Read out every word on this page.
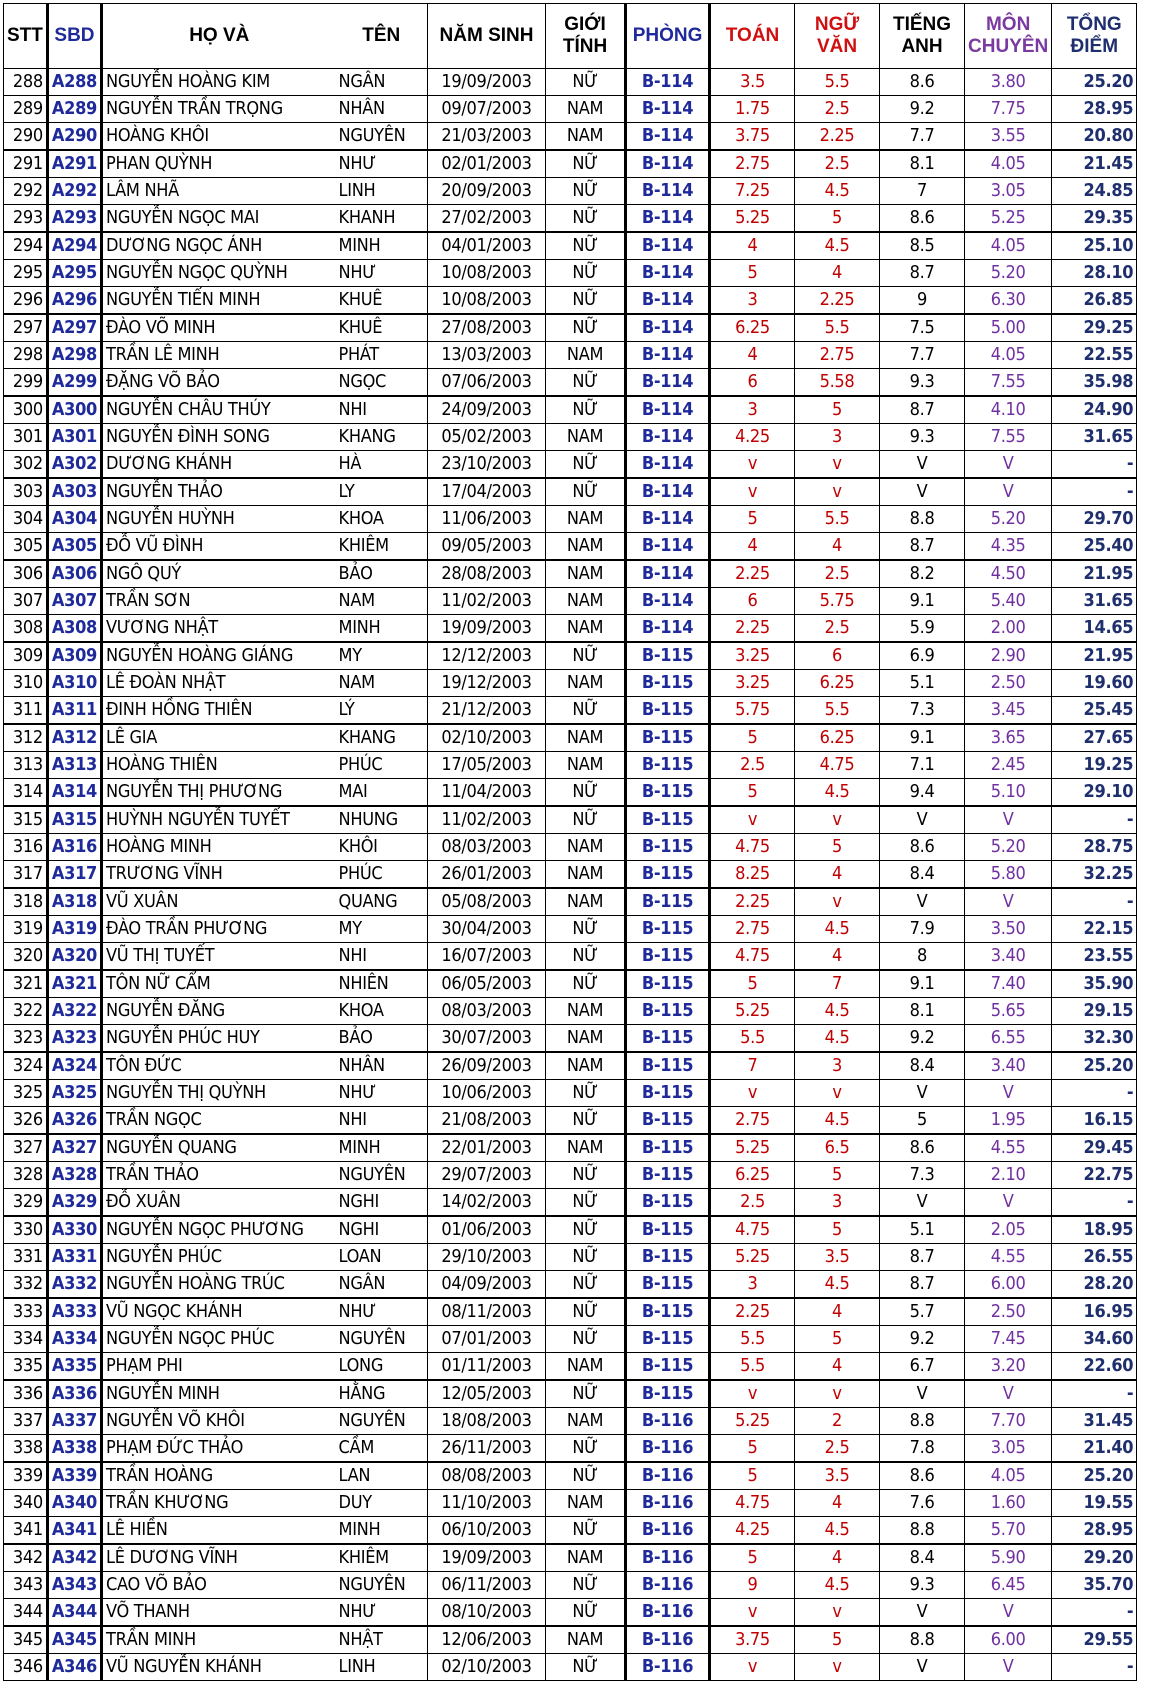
STT	SBD	HỌ VÀ	TÊN	NĂM SINH	GIỚI TÍNH	PHÒNG	TOÁN	NGỮ VĂN	TIẾNG ANH	MÔN CHUYÊN	TỔNG ĐIỂM
288	A288	NGUYỄN HOÀNG KIM	NGÂN	19/09/2003	NỮ	B-114	3.5	5.5	8.6	3.80	25.20
289	A289	NGUYỄN TRẦN TRỌNG	NHÂN	09/07/2003	NAM	B-114	1.75	2.5	9.2	7.75	28.95
290	A290	HOÀNG KHÔI	NGUYÊN	21/03/2003	NAM	B-114	3.75	2.25	7.7	3.55	20.80
291	A291	PHAN QUỲNH	NHƯ	02/01/2003	NỮ	B-114	2.75	2.5	8.1	4.05	21.45
292	A292	LÂM NHÃ	LINH	20/09/2003	NỮ	B-114	7.25	4.5	7	3.05	24.85
293	A293	NGUYỄN NGỌC MAI	KHANH	27/02/2003	NỮ	B-114	5.25	5	8.6	5.25	29.35
294	A294	DƯƠNG NGỌC ÁNH	MINH	04/01/2003	NỮ	B-114	4	4.5	8.5	4.05	25.10
295	A295	NGUYỄN NGỌC QUỲNH	NHƯ	10/08/2003	NỮ	B-114	5	4	8.7	5.20	28.10
296	A296	NGUYỄN TIẾN MINH	KHUÊ	10/08/2003	NỮ	B-114	3	2.25	9	6.30	26.85
297	A297	ĐÀO VÕ MINH	KHUÊ	27/08/2003	NỮ	B-114	6.25	5.5	7.5	5.00	29.25
298	A298	TRẦN LÊ MINH	PHÁT	13/03/2003	NAM	B-114	4	2.75	7.7	4.05	22.55
299	A299	ĐẶNG VÕ BẢO	NGỌC	07/06/2003	NỮ	B-114	6	5.58	9.3	7.55	35.98
300	A300	NGUYỄN CHÂU THÚY	NHI	24/09/2003	NỮ	B-114	3	5	8.7	4.10	24.90
301	A301	NGUYỄN ĐÌNH SONG	KHANG	05/02/2003	NAM	B-114	4.25	3	9.3	7.55	31.65
302	A302	DƯƠNG KHÁNH	HÀ	23/10/2003	NỮ	B-114	v	v	V	V	-
303	A303	NGUYỄN THẢO	LY	17/04/2003	NỮ	B-114	v	v	V	V	-
304	A304	NGUYỄN HUỲNH	KHOA	11/06/2003	NAM	B-114	5	5.5	8.8	5.20	29.70
305	A305	ĐỖ VŨ ĐÌNH	KHIÊM	09/05/2003	NAM	B-114	4	4	8.7	4.35	25.40
306	A306	NGÔ QUÝ	BẢO	28/08/2003	NAM	B-114	2.25	2.5	8.2	4.50	21.95
307	A307	TRẦN SƠN	NAM	11/02/2003	NAM	B-114	6	5.75	9.1	5.40	31.65
308	A308	VƯƠNG NHẬT	MINH	19/09/2003	NAM	B-114	2.25	2.5	5.9	2.00	14.65
309	A309	NGUYỄN HOÀNG GIÁNG	MY	12/12/2003	NỮ	B-115	3.25	6	6.9	2.90	21.95
310	A310	LÊ ĐOÀN NHẬT	NAM	19/12/2003	NAM	B-115	3.25	6.25	5.1	2.50	19.60
311	A311	ĐINH HỒNG THIÊN	LÝ	21/12/2003	NỮ	B-115	5.75	5.5	7.3	3.45	25.45
312	A312	LÊ GIA	KHANG	02/10/2003	NAM	B-115	5	6.25	9.1	3.65	27.65
313	A313	HOÀNG THIÊN	PHÚC	17/05/2003	NAM	B-115	2.5	4.75	7.1	2.45	19.25
314	A314	NGUYỄN THỊ PHƯƠNG	MAI	11/04/2003	NỮ	B-115	5	4.5	9.4	5.10	29.10
315	A315	HUỲNH NGUYỄN TUYẾT	NHUNG	11/02/2003	NỮ	B-115	v	v	V	V	-
316	A316	HOÀNG MINH	KHÔI	08/03/2003	NAM	B-115	4.75	5	8.6	5.20	28.75
317	A317	TRƯƠNG VĨNH	PHÚC	26/01/2003	NAM	B-115	8.25	4	8.4	5.80	32.25
318	A318	VŨ XUÂN	QUANG	05/08/2003	NAM	B-115	2.25	v	V	V	-
319	A319	ĐÀO TRẦN PHƯƠNG	MY	30/04/2003	NỮ	B-115	2.75	4.5	7.9	3.50	22.15
320	A320	VŨ THỊ TUYẾT	NHI	16/07/2003	NỮ	B-115	4.75	4	8	3.40	23.55
321	A321	TÔN NỮ CẨM	NHIÊN	06/05/2003	NỮ	B-115	5	7	9.1	7.40	35.90
322	A322	NGUYỄN ĐĂNG	KHOA	08/03/2003	NAM	B-115	5.25	4.5	8.1	5.65	29.15
323	A323	NGUYỄN PHÚC HUY	BẢO	30/07/2003	NAM	B-115	5.5	4.5	9.2	6.55	32.30
324	A324	TÔN ĐỨC	NHÂN	26/09/2003	NAM	B-115	7	3	8.4	3.40	25.20
325	A325	NGUYỄN THỊ QUỲNH	NHƯ	10/06/2003	NỮ	B-115	v	v	V	V	-
326	A326	TRẦN NGỌC	NHI	21/08/2003	NỮ	B-115	2.75	4.5	5	1.95	16.15
327	A327	NGUYỄN QUANG	MINH	22/01/2003	NAM	B-115	5.25	6.5	8.6	4.55	29.45
328	A328	TRẦN THẢO	NGUYÊN	29/07/2003	NỮ	B-115	6.25	5	7.3	2.10	22.75
329	A329	ĐỖ XUÂN	NGHI	14/02/2003	NỮ	B-115	2.5	3	V	V	-
330	A330	NGUYỄN NGỌC PHƯƠNG	NGHI	01/06/2003	NỮ	B-115	4.75	5	5.1	2.05	18.95
331	A331	NGUYỄN PHÚC	LOAN	29/10/2003	NỮ	B-115	5.25	3.5	8.7	4.55	26.55
332	A332	NGUYỄN HOÀNG TRÚC	NGÂN	04/09/2003	NỮ	B-115	3	4.5	8.7	6.00	28.20
333	A333	VŨ NGỌC KHÁNH	NHƯ	08/11/2003	NỮ	B-115	2.25	4	5.7	2.50	16.95
334	A334	NGUYỄN NGỌC PHÚC	NGUYÊN	07/01/2003	NỮ	B-115	5.5	5	9.2	7.45	34.60
335	A335	PHẠM PHI	LONG	01/11/2003	NAM	B-115	5.5	4	6.7	3.20	22.60
336	A336	NGUYỄN MINH	HẰNG	12/05/2003	NỮ	B-115	v	v	V	V	-
337	A337	NGUYỄN VÕ KHÔI	NGUYÊN	18/08/2003	NAM	B-116	5.25	2	8.8	7.70	31.45
338	A338	PHẠM ĐỨC THẢO	CẦM	26/11/2003	NỮ	B-116	5	2.5	7.8	3.05	21.40
339	A339	TRẦN HOÀNG	LAN	08/08/2003	NỮ	B-116	5	3.5	8.6	4.05	25.20
340	A340	TRẦN KHƯƠNG	DUY	11/10/2003	NAM	B-116	4.75	4	7.6	1.60	19.55
341	A341	LÊ HIỀN	MINH	06/10/2003	NỮ	B-116	4.25	4.5	8.8	5.70	28.95
342	A342	LÊ DƯƠNG VĨNH	KHIÊM	19/09/2003	NAM	B-116	5	4	8.4	5.90	29.20
343	A343	CAO VÕ BẢO	NGUYÊN	06/11/2003	NỮ	B-116	9	4.5	9.3	6.45	35.70
344	A344	VÕ THANH	NHƯ	08/10/2003	NỮ	B-116	v	v	V	V	-
345	A345	TRẦN MINH	NHẬT	12/06/2003	NAM	B-116	3.75	5	8.8	6.00	29.55
346	A346	VŨ NGUYỄN KHÁNH	LINH	02/10/2003	NỮ	B-116	v	v	V	V	-
